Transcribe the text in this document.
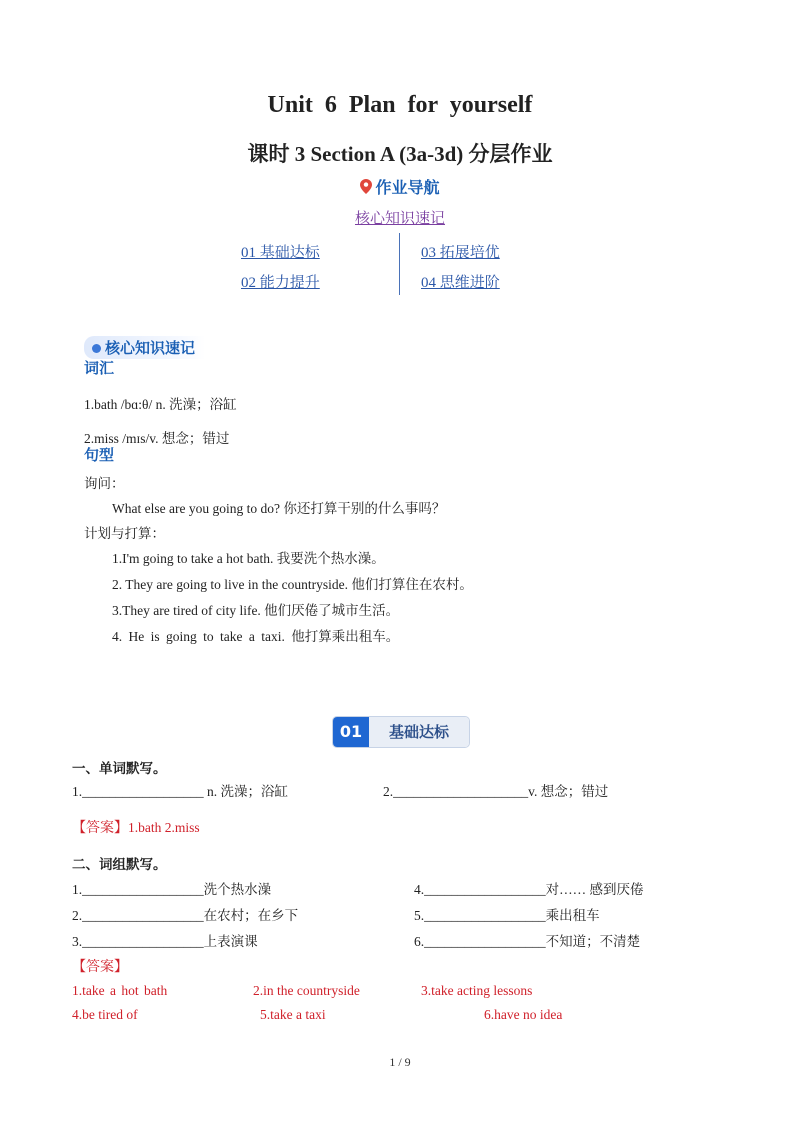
Unit 6 Plan for yourself
课时 3 Section A (3a-3d) 分层作业
作业导航
核心知识速记
01 基础达标	03 拓展培优
02 能力提升	04 思维进阶
核心知识速记
词汇
1.bath /bɑ:θ/ n. 洗澡；浴缸
2.miss /mɪs/v. 想念；错过
句型
询问：
What else are you going to do? 你还打算干别的什么事吗？
计划与打算：
1.I'm going to take a hot bath. 我要洗个热水澡。
2. They are going to live in the countryside. 他们打算住在农村。
3.They are tired of city life. 他们厌倦了城市生活。
4. He is going to take a taxi. 他打算乘出租车。
01	基础达标
一、单词默写。
1.__________________ n. 洗澡；浴缸	2.____________________v. 想念；错过
【答案】1.bath 2.miss
二、词组默写。
1.__________________洗个热水澡	4.__________________对…… 感到厌倦
2.__________________在农村；在乡下	5.__________________乘出租车
3.__________________上表演课	6.__________________不知道；不清楚
【答案】
1.take a hot bath	2.in the countryside	3.take acting lessons
4.be tired of	5.take a taxi	6.have no idea
1 / 9
